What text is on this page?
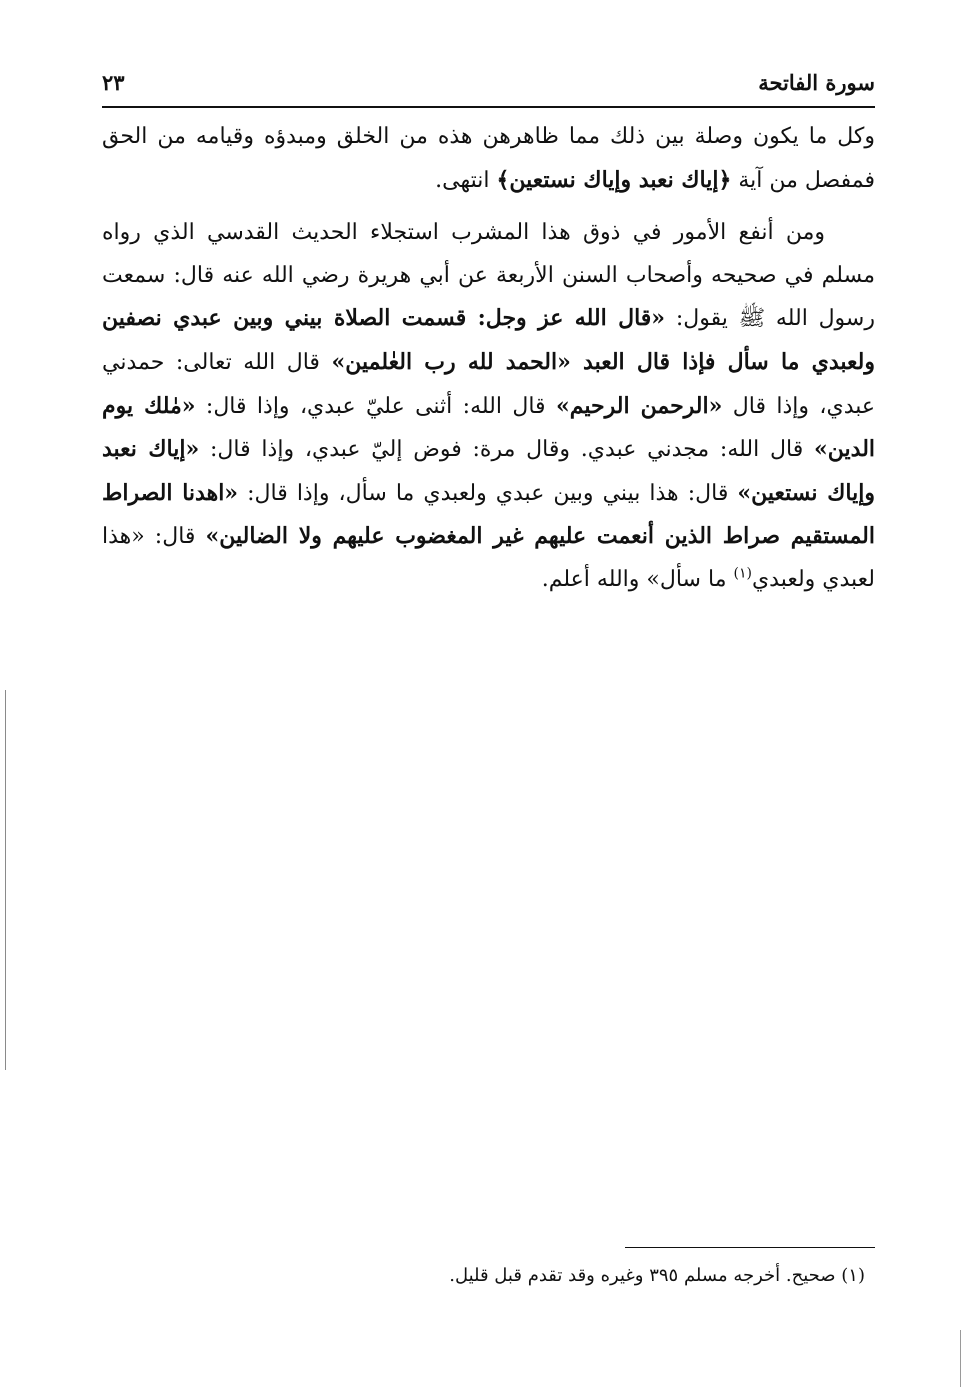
سورة الفاتحة
٢٣

وكل ما يكون وصلة بين ذلك مما ظاهرهن هذه من الخلق ومبدؤه وقيامه من الحق فمفصل من آية ﴿إياك نعبد وإياك نستعين﴾ انتهى.

ومن أنفع الأمور في ذوق هذا المشرب استجلاء الحديث القدسي الذي رواه مسلم في صحيحه وأصحاب السنن الأربعة عن أبي هريرة رضي الله عنه قال: سمعت رسول الله ﷺ يقول: «قال الله عز وجل: قسمت الصلاة بيني وبين عبدي نصفين ولعبدي ما سأل فإذا قال العبد «الحمد لله رب العٰلمين» قال الله تعالى: حمدني عبدي، وإذا قال «الرحمن الرحيم» قال الله: أثنى عليّ عبدي، وإذا قال: «مٰلك يوم الدين» قال الله: مجدني عبدي. وقال مرة: فوض إليّ عبدي، وإذا قال: «إياك نعبد وإياك نستعين» قال: هذا بيني وبين عبدي ولعبدي ما سأل، وإذا قال: «اهدنا الصراط المستقيم صراط الذين أنعمت عليهم غير المغضوب عليهم ولا الضالين» قال: «هذا لعبدي ولعبدي$^{(١)}$ ما سأل» والله أعلم.

(١) صحيح. أخرجه مسلم ٣٩٥ وغيره وقد تقدم قبل قليل.
